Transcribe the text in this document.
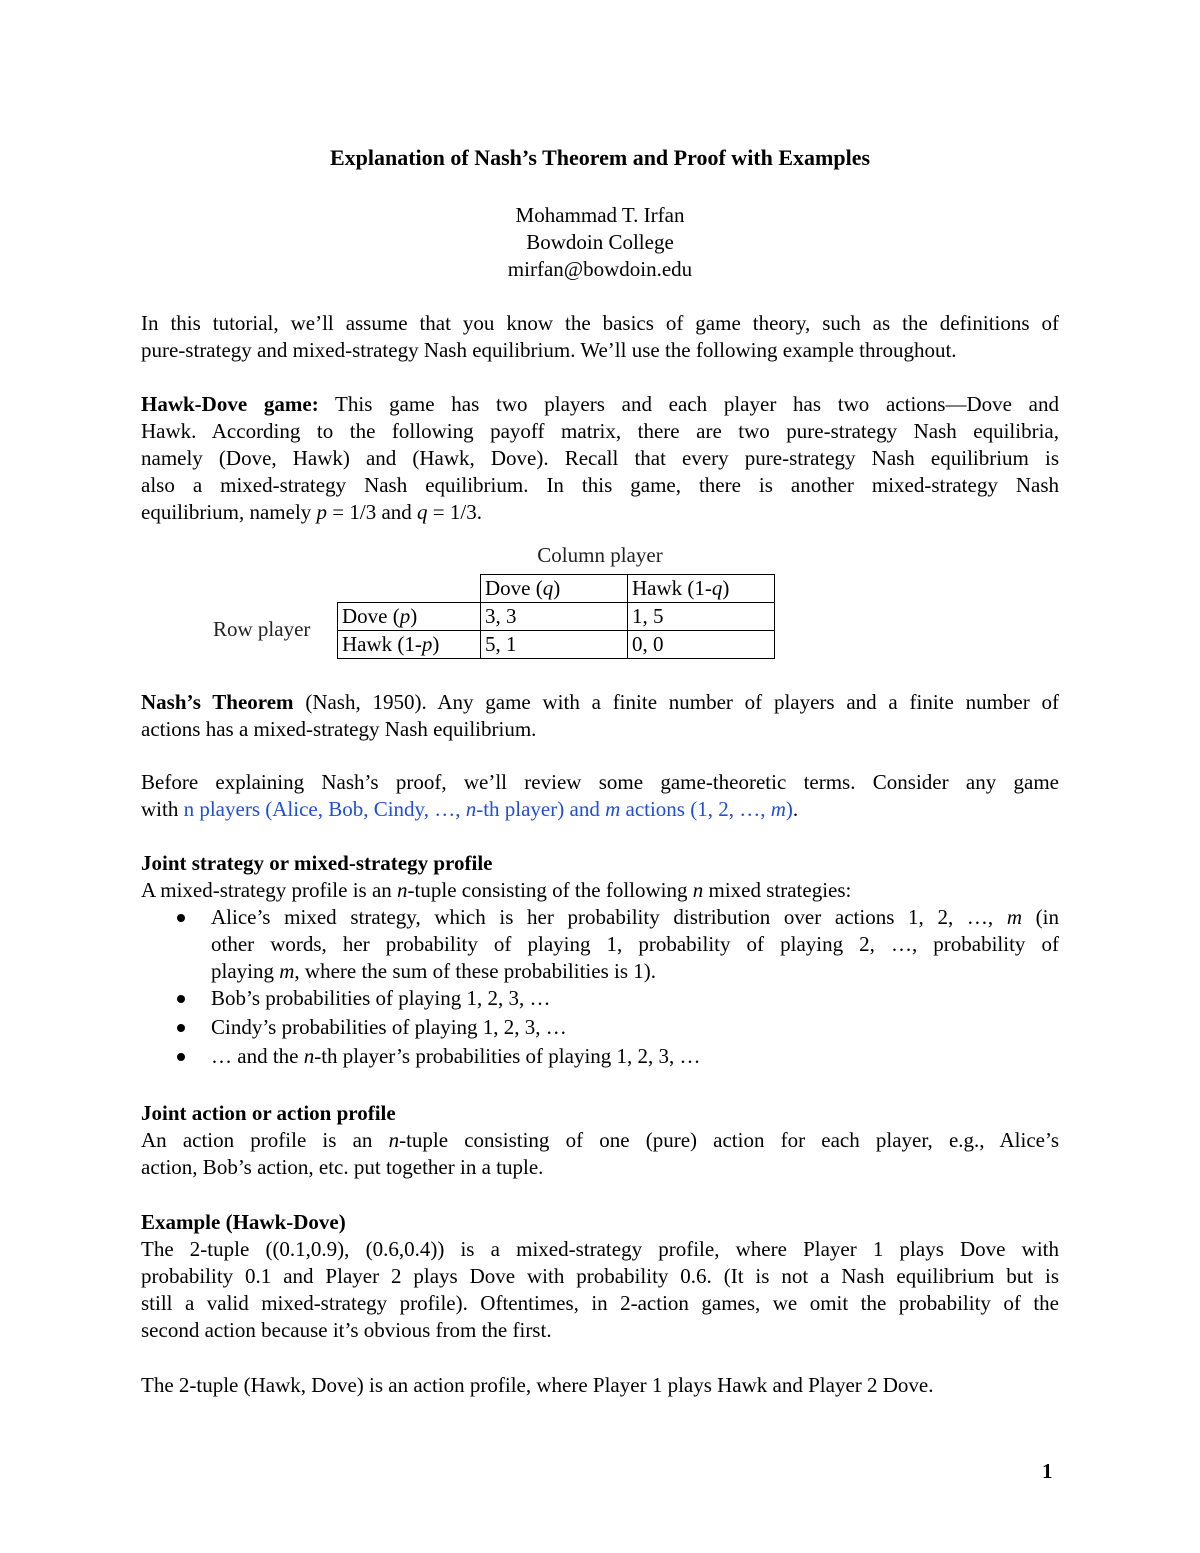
Explanation of Nash’s Theorem and Proof with Examples
Mohammad T. Irfan
Bowdoin College
mirfan@bowdoin.edu
In this tutorial, we’ll assume that you know the basics of game theory, such as the definitions of
pure-strategy and mixed-strategy Nash equilibrium. We’ll use the following example throughout.
Hawk-Dove game: This game has two players and each player has two actions—Dove and
Hawk. According to the following payoff matrix, there are two pure-strategy Nash equilibria,
namely (Dove, Hawk) and (Hawk, Dove). Recall that every pure-strategy Nash equilibrium is
also a mixed-strategy Nash equilibrium. In this game, there is another mixed-strategy Nash
equilibrium, namely p = 1/3 and q = 1/3.
Column player
Row player
	Dove (q)	Hawk (1-q)
Dove (p)	3, 3	1, 5
Hawk (1-p)	5, 1	0, 0
Nash’s Theorem (Nash, 1950). Any game with a finite number of players and a finite number of
actions has a mixed-strategy Nash equilibrium.
Before explaining Nash’s proof, we’ll review some game-theoretic terms. Consider any game
with n players (Alice, Bob, Cindy, …, n-th player) and m actions (1, 2, …, m).
Joint strategy or mixed-strategy profile
A mixed-strategy profile is an n-tuple consisting of the following n mixed strategies:
Alice’s mixed strategy, which is her probability distribution over actions 1, 2, …, m (in
other words, her probability of playing 1, probability of playing 2, …, probability of
playing m, where the sum of these probabilities is 1).
Bob’s probabilities of playing 1, 2, 3, …
Cindy’s probabilities of playing 1, 2, 3, …
… and the n-th player’s probabilities of playing 1, 2, 3, …
Joint action or action profile
An action profile is an n-tuple consisting of one (pure) action for each player, e.g., Alice’s
action, Bob’s action, etc. put together in a tuple.
Example (Hawk-Dove)
The 2-tuple ((0.1,0.9), (0.6,0.4)) is a mixed-strategy profile, where Player 1 plays Dove with
probability 0.1 and Player 2 plays Dove with probability 0.6. (It is not a Nash equilibrium but is
still a valid mixed-strategy profile). Oftentimes, in 2-action games, we omit the probability of the
second action because it’s obvious from the first.
The 2-tuple (Hawk, Dove) is an action profile, where Player 1 plays Hawk and Player 2 Dove.
1
